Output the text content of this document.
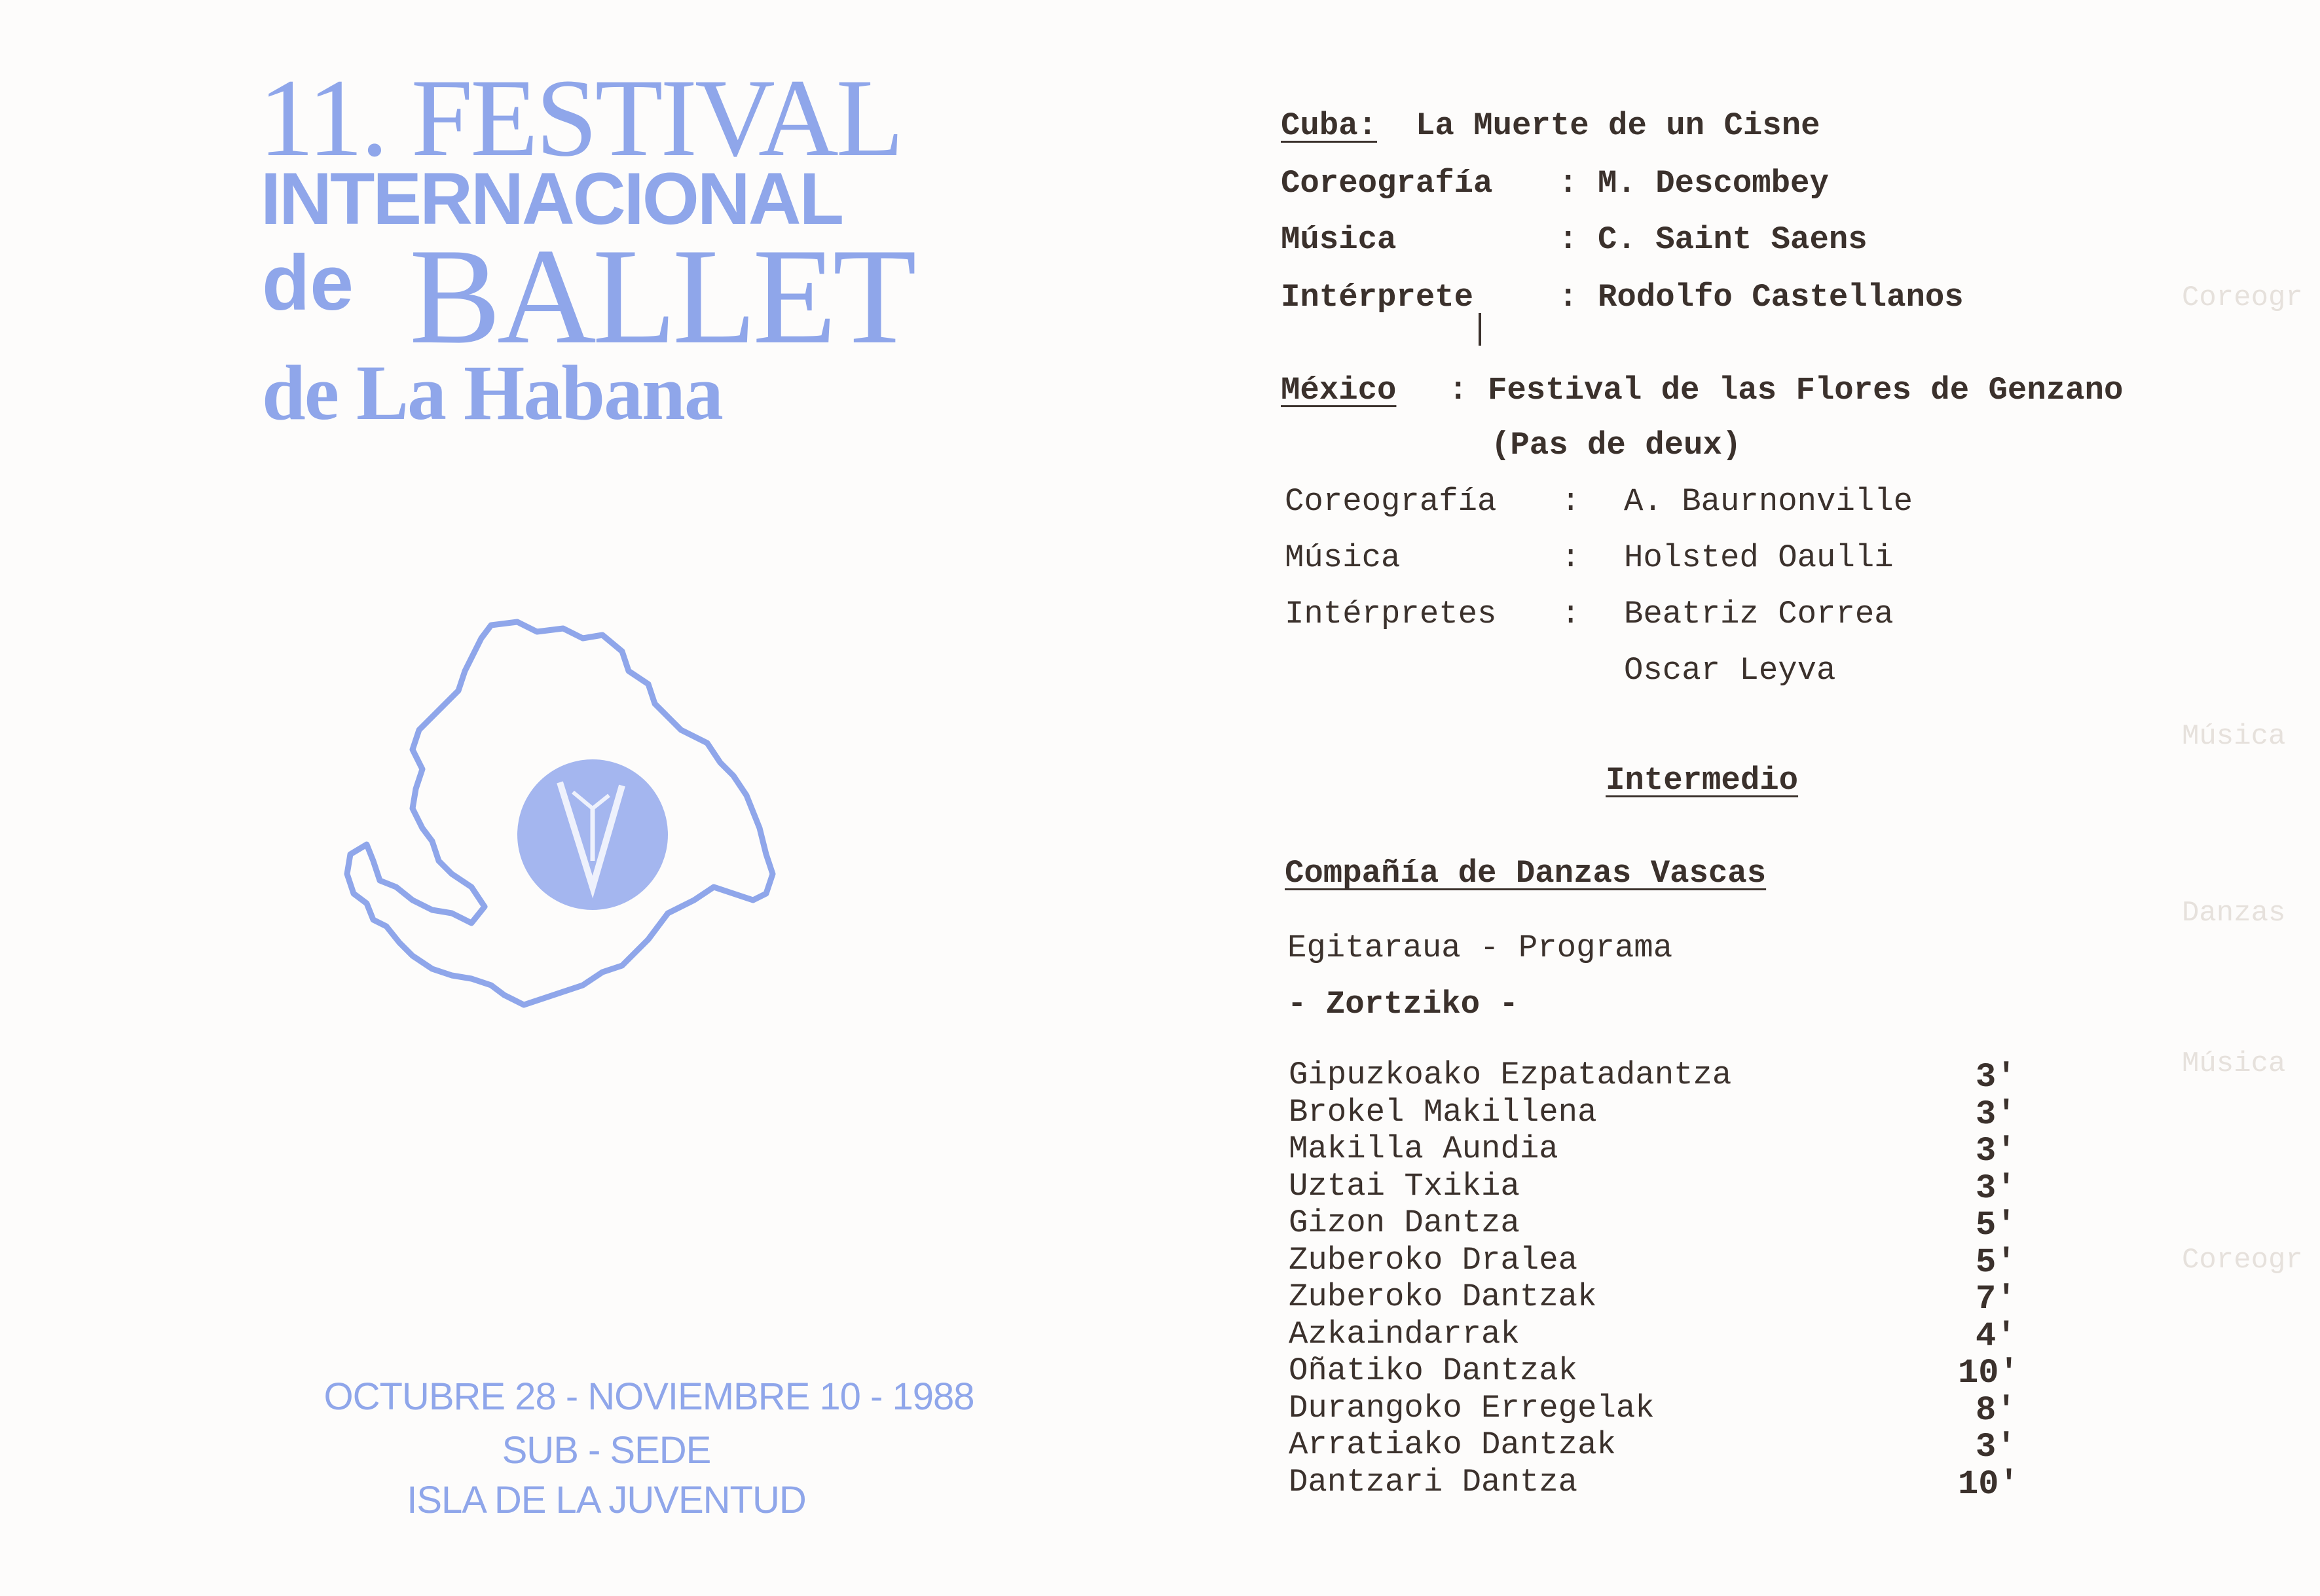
11. FESTIVAL
INTERNACIONAL
de BALLET
de La Habana
OCTUBRE 28 - NOVIEMBRE 10 - 1988
SUB - SEDE
ISLA DE LA JUVENTUD
Coreogr
Música
Danzas
Música
Coreogr
Cuba: La Muerte de un Cisne
Coreografía : M. Descombey
Música	: C. Saint Saens
Intérprete	: Rodolfo Castellanos
México : Festival de las Flores de Genzano
(Pas de deux)
Coreografía : A. Baurnonville
Música	: Holsted Oaulli
Intérpretes : Beatriz Correa
Oscar Leyva
Intermedio
Compañía de Danzas Vascas
Egitaraua - Programa
- Zortziko -
Gipuzkoako Ezpatadantza	3'
Brokel Makillena	3'
Makilla Aundia	3'
Uztai Txikia	3'
Gizon Dantza	5'
Zuberoko Dralea	5'
Zuberoko Dantzak	7'
Azkaindarrak	4'
Oñatiko Dantzak	10'
Durangoko Erregelak	8'
Arratiako Dantzak	3'
Dantzari Dantza	10'
